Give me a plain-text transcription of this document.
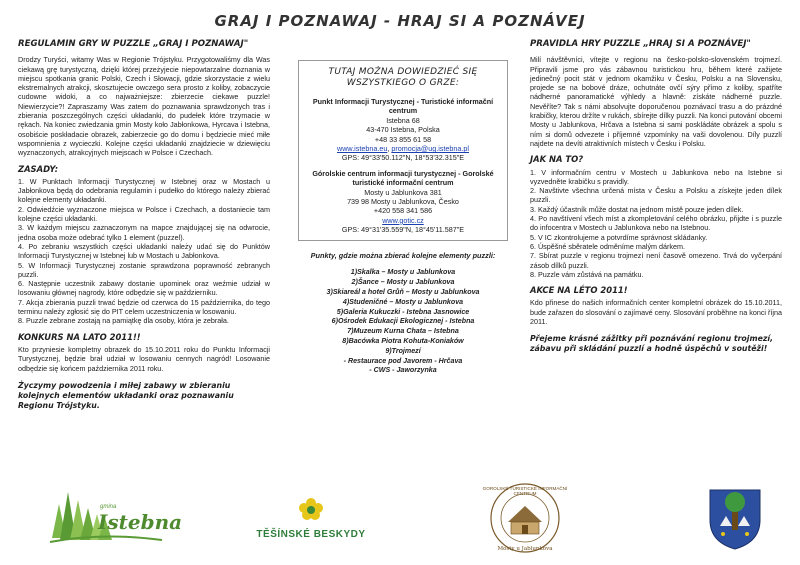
GRAJ I POZNAWAJ - HRAJ SI A POZNÁVEJ
REGULAMIN GRY W PUZZLE „GRAJ I POZNAWAJ"

Drodzy Turyści, witamy Was w Regionie Trójstyku. Przygotowaliśmy dla Was ciekawą grę turystyczną, dzięki której przeżyjecie niepowtarzalne doznania w miejscu spotkania granic Polski, Czech i Słowacji, gdzie skorzystacie z wielu ekstremalnych atrakcji, skosztujecie owczego sera prosto z koliby, zobaczycie cudowne widoki, a co najważniejsze: zbierzecie ciekawe puzzle! Niewierzycie?! Zapraszamy Was zatem do poznawania sprawdzonych tras i zbierania poszczególnych części układanki, do pudełek które trzymacie w rękach. Na koniec zwiedzania gmin Mosty koło Jabłonkowa, Hyrcava i Istebna, osobiście poskładacie obrazek, zabierzecie go do domu i będziecie mieć miłe wspomnienia z wycieczki. Kolejne części układanki znajdziecie w dziewięciu wyznaczonych, atrakcyjnych miejscach w Polsce i Czechach.

ZASADY:

1. W Punktach Informacji Turystycznej w Istebnej oraz w Mostach u Jabłonkova będą do odebrania regulamin i pudełko do którego należy zbierać kolejne elementy układanki.

2. Odwiedźcie wyznaczone miejsca w Polsce i Czechach, a dostaniecie tam kolejne części układanki.

3. W każdym miejscu zaznaczonym na mapce znajdującej się na odwrocie, jedna osoba może odebrać tylko 1 element (puzzel).

4. Po zebraniu wszystkich części układanki należy udać się do Punktów Informacji Turystycznej w Istebnej lub w Mostach u Jabłonkova.

5. W Informacji Turystycznej zostanie sprawdzona poprawność zebranych puzzli.

6. Następnie uczestnik zabawy dostanie upominek oraz weźmie udział w losowaniu głównej nagrody, które odbędzie się w październiku.

7. Akcja zbierania puzzli trwać będzie od czerwca do 15 października, do tego terminu należy zgłosić się do PIT celem uczestniczenia w losowaniu.

8. Puzzle zebrane zostają na pamiątkę dla osoby, która je zebrała.

KONKURS NA LATO 2011!!

Kto przyniesie kompletny obrazek do 15.10.2011 roku do Punktu Informacji Turystycznej, będzie brał udział w losowaniu cennych nagród! Losowanie odbędzie się końcem października 2011 roku.

Życzymy powodzenia i miłej zabawy w zbieraniu kolejnych elementów układanki oraz poznawaniu Regionu Trójstyku.
TUTAJ MOŻNA DOWIEDZIEĆ SIĘ WSZYSTKIEGO O GRZE:
Punkt Informacji Turystycznej - Turistické informační centrum
Istebna 68
43-470 Istebna, Polska
+48 33 855 61 58
www.istebna.eu, promocja@ug.istebna.pl
GPS: 49°33'50.112"N, 18°53'32.315"E
Górolskie centrum informacji turystycznej - Gorolské turistické informační centrum
Mosty u Jablunkova 381
739 98 Mosty u Jablunkova, Česko
+420 558 341 586
www.gotic.cz
GPS: 49°31'35.559"N, 18°45'11.587"E
Punkty, gdzie można zbierać kolejne elementy puzzli:
1)Skalka – Mosty u Jablunkova
2)Šance – Mosty u Jablunkova
3)Skiareál a hotel Grůň – Mosty u Jablunkova
4)Studeničné – Mosty u Jablunkova
5)Galeria Kukuczki - Istebna Jasnowice
6)Ośrodek Edukacji Ekologicznej - Istebna
7)Muzeum Kurna Chata – Istebna
8)Bacówka Piotra Kohuta-Koniaków
9)Trojmezí
- Restaurace pod Javorem - Hrčava
- CWS - Jaworzynka
PRAVIDLA HRY PUZZLE „HRAJ SI A POZNÁVEJ"

Milí návštěvníci, vítejte v regionu na česko-polsko-slovenském trojmezí. Připravili jsme pro vás zábavnou turistickou hru, během které zažijete jedinečný pocit stát v jednom okamžiku v Česku, Polsku a na Slovensku, projede se na bobové dráze, ochutnáte ovčí sýry přímo z koliby, spatříte nádherné panoramatické výhledy a hlavně: získáte nádherné puzzle. Nevěříte? Tak s námi absolvujte doporučenou poznávací trasu a do prázdné krabičky, kterou držíte v rukách, sbírejte dílky puzzli. Na konci putování obcemi Mosty u Jablunkova, Hrčava a Istebna si sami poskládáte obrázek a spolu s ním si domů odvezete i příjemné vzpomínky na vaši dovolenou. Díly puzzlí najdete na devíti atraktivních místech v Česku i Polsku.

JAK NA TO?

1. V informačním centru v Mostech u Jablunkova nebo na Istebne si vyzvedněte krabičku s pravidly.

2. Navštivte všechna určená místa v Česku a Polsku a získejte jeden dílek puzzli.

3. Každý účastník může dostat na jednom místě pouze jeden dílek.

4. Po navštívení všech míst a zkompletování celého obrázku, přijdte i s puzzle do infocentra v Mostech u Jablunkova nebo na Istebnou.

5. V IC zkontrolujeme a potvrdíme správnost skládanky.

6. Úspěšné sběratele odměníme malým dárkem.

7. Sbírat puzzle v regionu trojmezí není časově omezeno. Trvá do vyčerpání zásob dílků puzzli.

8. Puzzle vám zůstává na památku.

AKCE NA LÉTO 2011!

Kdo přinese do našich informačních center kompletní obrázek do 15.10.2011, bude zařazen do slosování o zajímavé ceny. Slosování proběhne na konci října 2011.

Přejeme krásné zážitky při poznávání regionu trojmezí, zábavu při skládání puzzlí a hodně úspěchů v soutěži!
gmina
Istebna
TĚŠÍNSKÉ BESKYDY
GOROLSKÉ TURISTICKÉ INFORMAČNÍ CENTRUM
Mosty u Jablunkova
